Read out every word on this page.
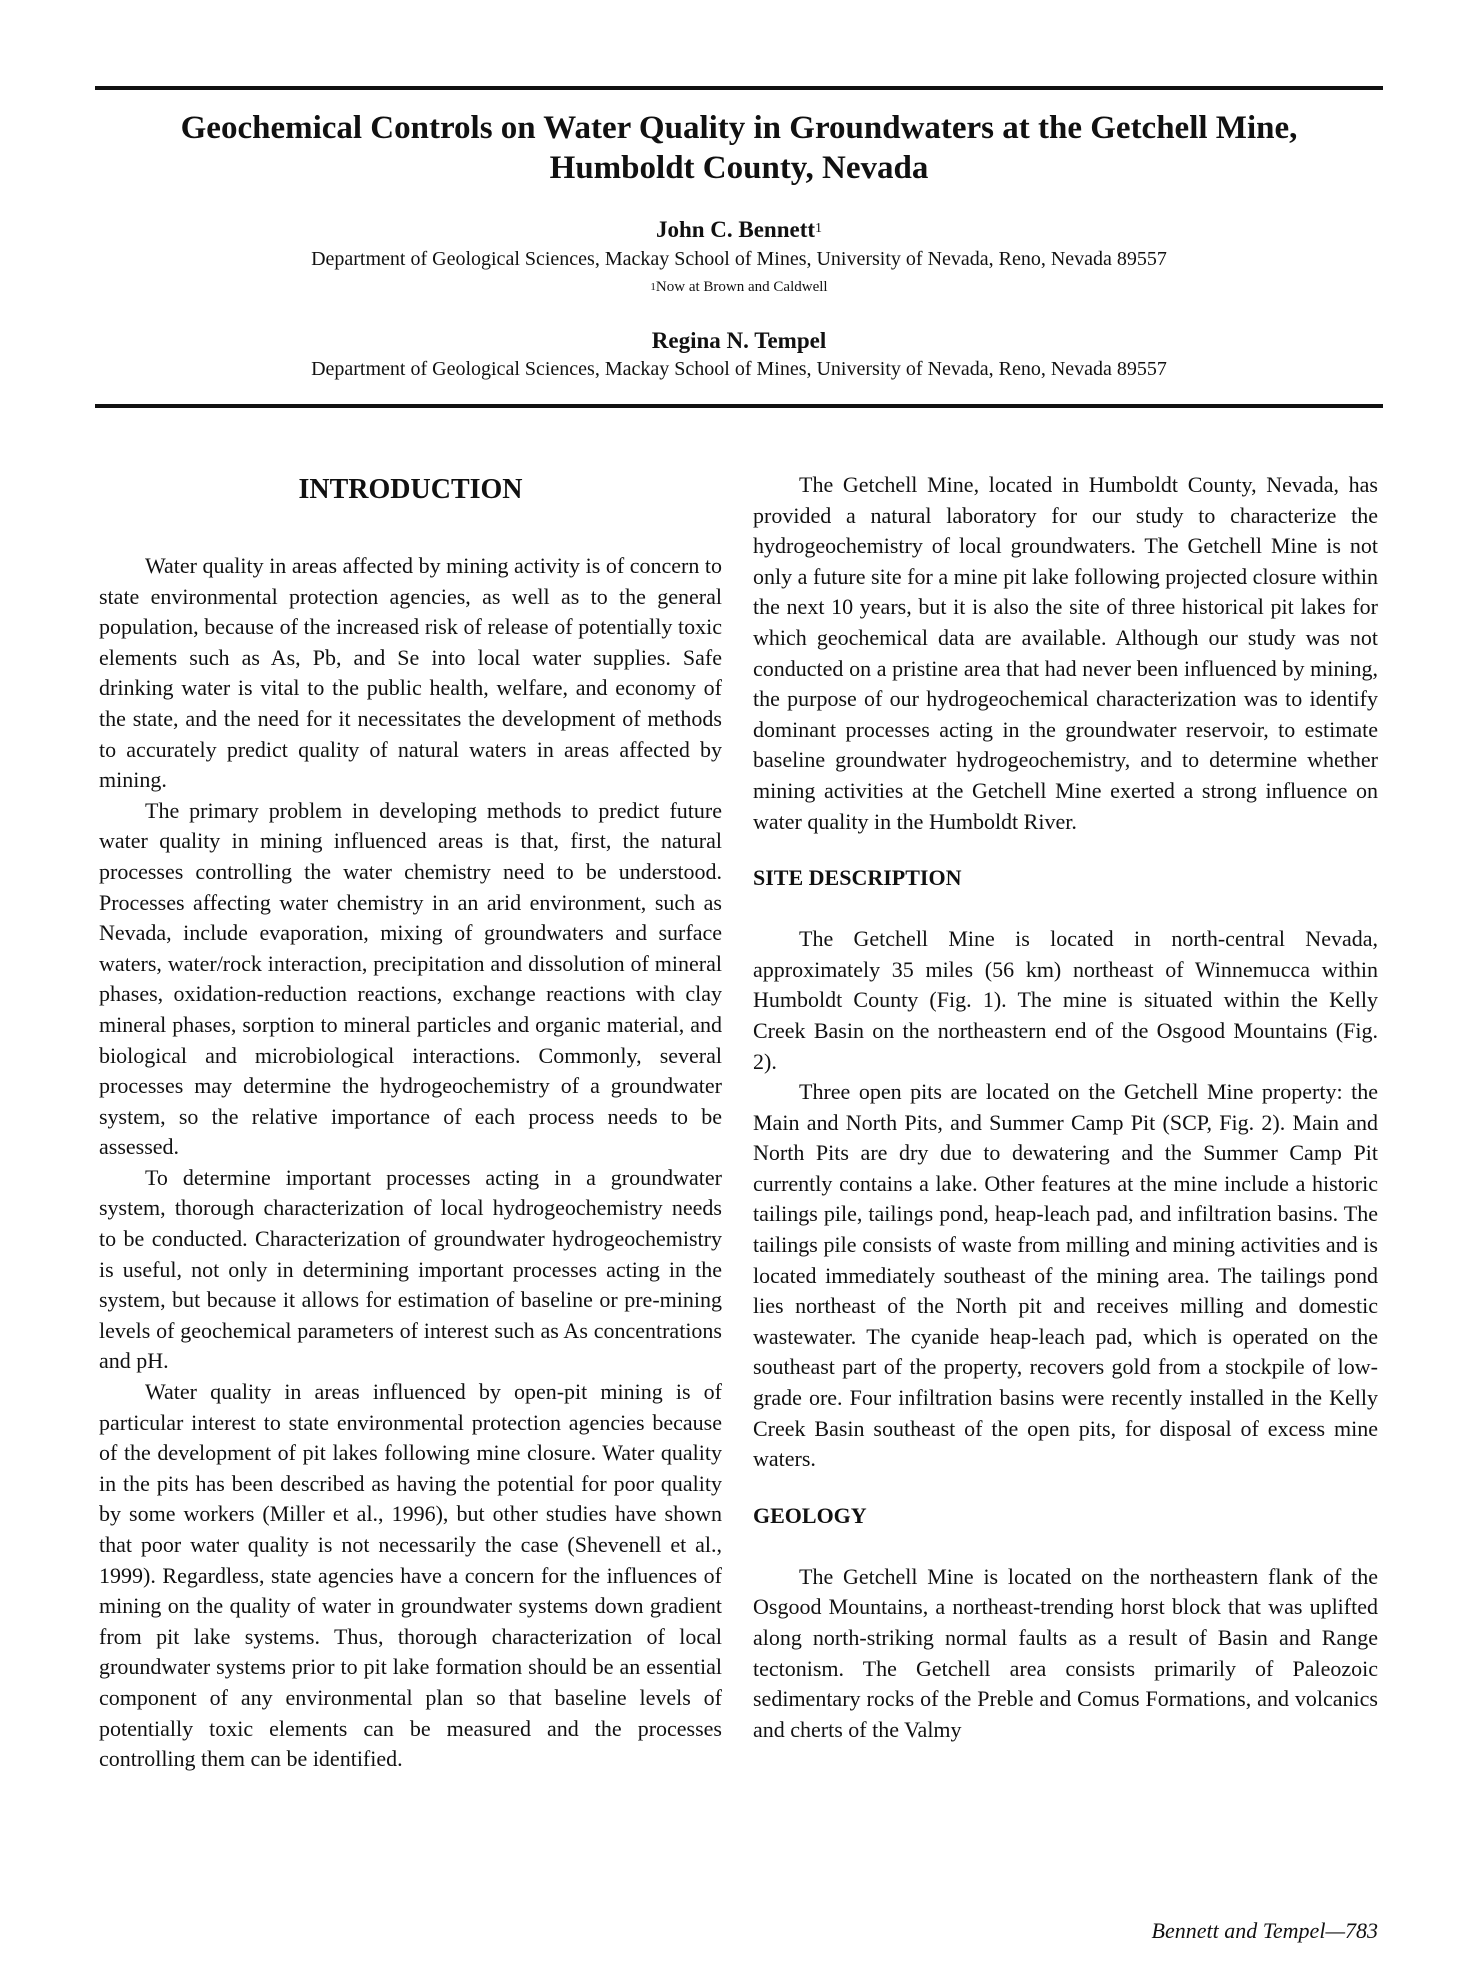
Geochemical Controls on Water Quality in Groundwaters at the Getchell Mine,
Humboldt County, Nevada
John C. Bennett$^1$
Department of Geological Sciences, Mackay School of Mines, University of Nevada, Reno, Nevada 89557
$^1$Now at Brown and Caldwell
Regina N. Tempel
Department of Geological Sciences, Mackay School of Mines, University of Nevada, Reno, Nevada 89557
INTRODUCTION

Water quality in areas affected by mining activity is of concern to state environmental protection agencies, as well as to the general population, because of the increased risk of release of potentially toxic elements such as As, Pb, and Se into local water supplies. Safe drinking water is vital to the public health, welfare, and economy of the state, and the need for it necessitates the development of methods to accurately predict quality of natural waters in areas affected by mining.

The primary problem in developing methods to predict future water quality in mining influenced areas is that, first, the natural processes controlling the water chemistry need to be understood. Processes affecting water chemistry in an arid environment, such as Nevada, include evaporation, mixing of groundwaters and surface waters, water/rock interaction, precipitation and dissolution of mineral phases, oxidation-reduction reactions, exchange reactions with clay mineral phases, sorption to mineral particles and organic material, and biological and microbiological interactions. Commonly, several processes may determine the hydrogeochemistry of a groundwater system, so the relative importance of each process needs to be assessed.

To determine important processes acting in a groundwater system, thorough characterization of local hydrogeochemistry needs to be conducted. Characterization of groundwater hydrogeochemistry is useful, not only in determining important processes acting in the system, but because it allows for estimation of baseline or pre-mining levels of geochemical parameters of interest such as As concentrations and pH.

Water quality in areas influenced by open-pit mining is of particular interest to state environmental protection agencies because of the development of pit lakes following mine closure. Water quality in the pits has been described as having the potential for poor quality by some workers (Miller et al., 1996), but other studies have shown that poor water quality is not necessarily the case (Shevenell et al., 1999). Regardless, state agencies have a concern for the influences of mining on the quality of water in groundwater systems down gradient from pit lake systems. Thus, thorough characterization of local groundwater systems prior to pit lake formation should be an essential component of any environmental plan so that baseline levels of potentially toxic elements can be measured and the processes controlling them can be identified.

The Getchell Mine, located in Humboldt County, Nevada, has provided a natural laboratory for our study to characterize the hydrogeochemistry of local groundwaters. The Getchell Mine is not only a future site for a mine pit lake following projected closure within the next 10 years, but it is also the site of three historical pit lakes for which geochemical data are available. Although our study was not conducted on a pristine area that had never been influenced by mining, the purpose of our hydrogeochemical characterization was to identify dominant processes acting in the groundwater reservoir, to estimate baseline groundwater hydrogeochemistry, and to determine whether mining activities at the Getchell Mine exerted a strong influence on water quality in the Humboldt River.

SITE DESCRIPTION

The Getchell Mine is located in north-central Nevada, approximately 35 miles (56 km) northeast of Winnemucca within Humboldt County (Fig. 1). The mine is situated within the Kelly Creek Basin on the northeastern end of the Osgood Mountains (Fig. 2).

Three open pits are located on the Getchell Mine property: the Main and North Pits, and Summer Camp Pit (SCP, Fig. 2). Main and North Pits are dry due to dewatering and the Summer Camp Pit currently contains a lake. Other features at the mine include a historic tailings pile, tailings pond, heap-leach pad, and infiltration basins. The tailings pile consists of waste from milling and mining activities and is located immediately southeast of the mining area. The tailings pond lies northeast of the North pit and receives milling and domestic wastewater. The cyanide heap-leach pad, which is operated on the southeast part of the property, recovers gold from a stockpile of low-grade ore. Four infiltration basins were recently installed in the Kelly Creek Basin southeast of the open pits, for disposal of excess mine waters.

GEOLOGY

The Getchell Mine is located on the northeastern flank of the Osgood Mountains, a northeast-trending horst block that was uplifted along north-striking normal faults as a result of Basin and Range tectonism. The Getchell area consists primarily of Paleozoic sedimentary rocks of the Preble and Comus Formations, and volcanics and cherts of the Valmy

Bennett and Tempel—783
